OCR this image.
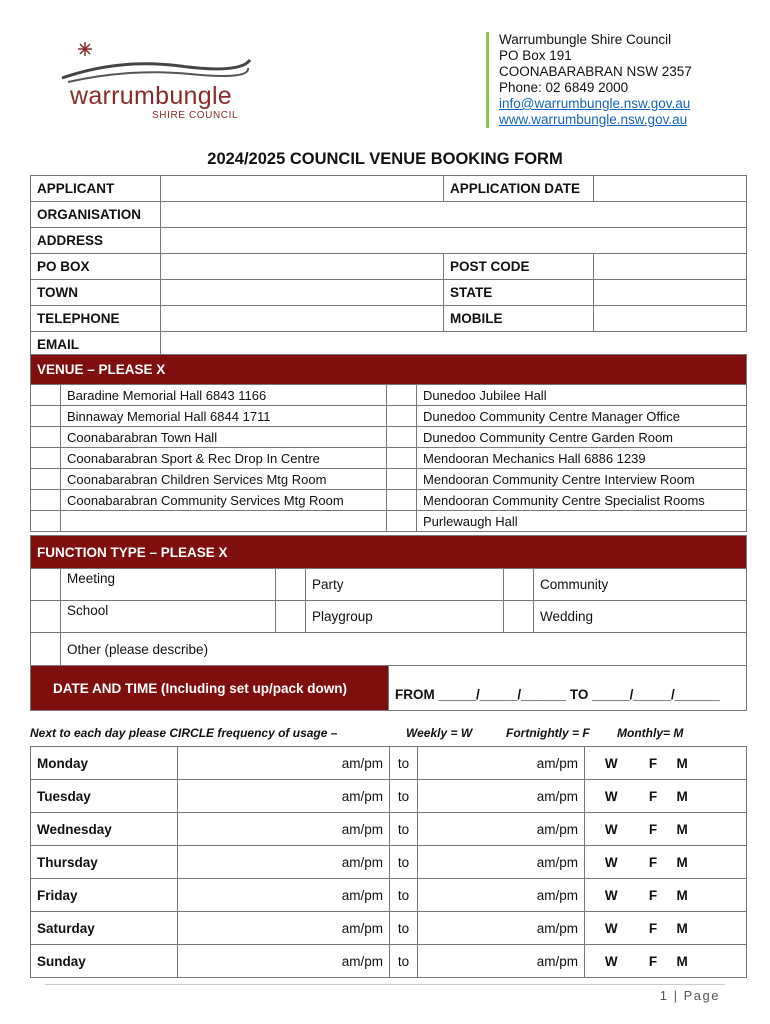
warrumbungle
SHIRE COUNCIL
Warrumbungle Shire Council
PO Box 191
COONABARABRAN NSW 2357
Phone: 02 6849 2000
info@warrumbungle.nsw.gov.au
www.warrumbungle.nsw.gov.au
2024/2025 COUNCIL VENUE BOOKING FORM
APPLICANT		APPLICATION DATE	
ORGANISATION			
ADDRESS			
PO BOX		POST CODE	
TOWN		STATE	
TELEPHONE		MOBILE	
EMAIL			
VENUE – PLEASE X			
	Baradine Memorial Hall 6843 1166		Dunedoo Jubilee Hall
	Binnaway Memorial Hall 6844 1711		Dunedoo Community Centre Manager Office
	Coonabarabran Town Hall		Dunedoo Community Centre Garden Room
	Coonabarabran Sport & Rec Drop In Centre		Mendooran Mechanics Hall 6886 1239
	Coonabarabran Children Services Mtg Room		Mendooran Community Centre Interview Room
	Coonabarabran Community Services Mtg Room		Mendooran Community Centre Specialist Rooms
			Purlewaugh Hall
FUNCTION TYPE – PLEASE X					
	Meeting		Party		Community
	School		Playgroup		Wedding
	Other (please describe)				
DATE AND TIME (Including set up/pack down)	FROM _____/_____/______ TO _____/_____/______
Next to each day please CIRCLE frequency of usage –	Weekly = W	Fortnightly = F Monthly= M
Monday	am/pm	to	am/pm	W	F	M
Tuesday	am/pm	to	am/pm	W	F	M
Wednesday	am/pm	to	am/pm	W	F	M
Thursday	am/pm	to	am/pm	W	F	M
Friday	am/pm	to	am/pm	W	F	M
Saturday	am/pm	to	am/pm	W	F	M
Sunday	am/pm	to	am/pm	W	F	M
1 | Page
